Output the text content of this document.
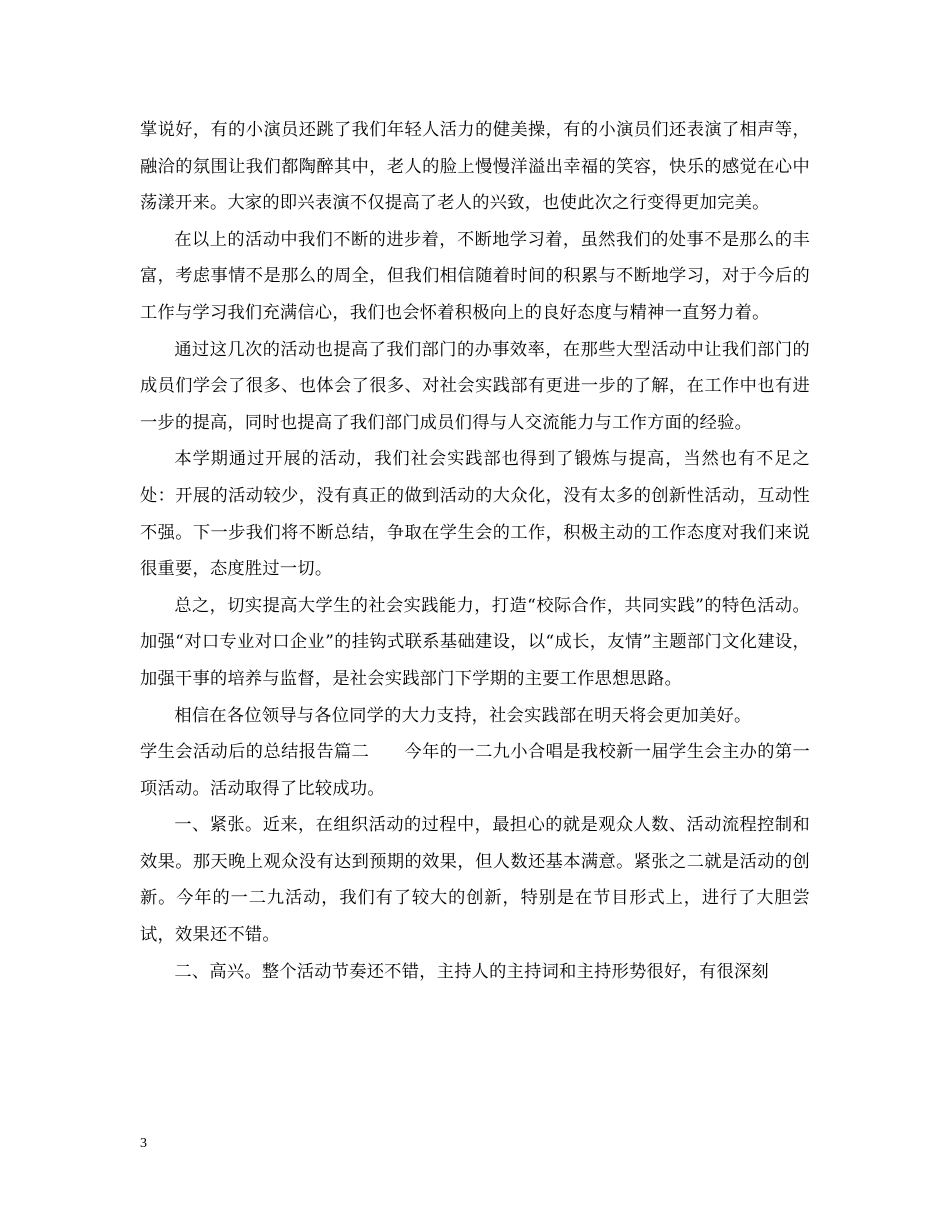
掌说好，有的小演员还跳了我们年轻人活力的健美操，有的小演员们还表演了相声等，融洽的氛围让我们都陶醉其中，老人的脸上慢慢洋溢出幸福的笑容，快乐的感觉在心中荡漾开来。大家的即兴表演不仅提高了老人的兴致，也使此次之行变得更加完美。

在以上的活动中我们不断的进步着，不断地学习着，虽然我们的处事不是那么的丰富，考虑事情不是那么的周全，但我们相信随着时间的积累与不断地学习，对于今后的工作与学习我们充满信心，我们也会怀着积极向上的良好态度与精神一直努力着。

通过这几次的活动也提高了我们部门的办事效率，在那些大型活动中让我们部门的成员们学会了很多、也体会了很多、对社会实践部有更进一步的了解，在工作中也有进一步的提高，同时也提高了我们部门成员们得与人交流能力与工作方面的经验。

本学期通过开展的活动，我们社会实践部也得到了锻炼与提高，当然也有不足之处：开展的活动较少，没有真正的做到活动的大众化，没有太多的创新性活动，互动性不强。下一步我们将不断总结，争取在学生会的工作，积极主动的工作态度对我们来说很重要，态度胜过一切。

总之，切实提高大学生的社会实践能力，打造“校际合作，共同实践”的特色活动。加强“对口专业对口企业”的挂钩式联系基础建设，以“成长，友情”主题部门文化建设，加强干事的培养与监督，是社会实践部门下学期的主要工作思想思路。

相信在各位领导与各位同学的大力支持，社会实践部在明天将会更加美好。

学生会活动后的总结报告篇二　　今年的一二九小合唱是我校新一届学生会主办的第一项活动。活动取得了比较成功。

一、紧张。近来，在组织活动的过程中，最担心的就是观众人数、活动流程控制和效果。那天晚上观众没有达到预期的效果，但人数还基本满意。紧张之二就是活动的创新。今年的一二九活动，我们有了较大的创新，特别是在节目形式上，进行了大胆尝试，效果还不错。

二、高兴。整个活动节奏还不错，主持人的主持词和主持形势很好，有很深刻

3
